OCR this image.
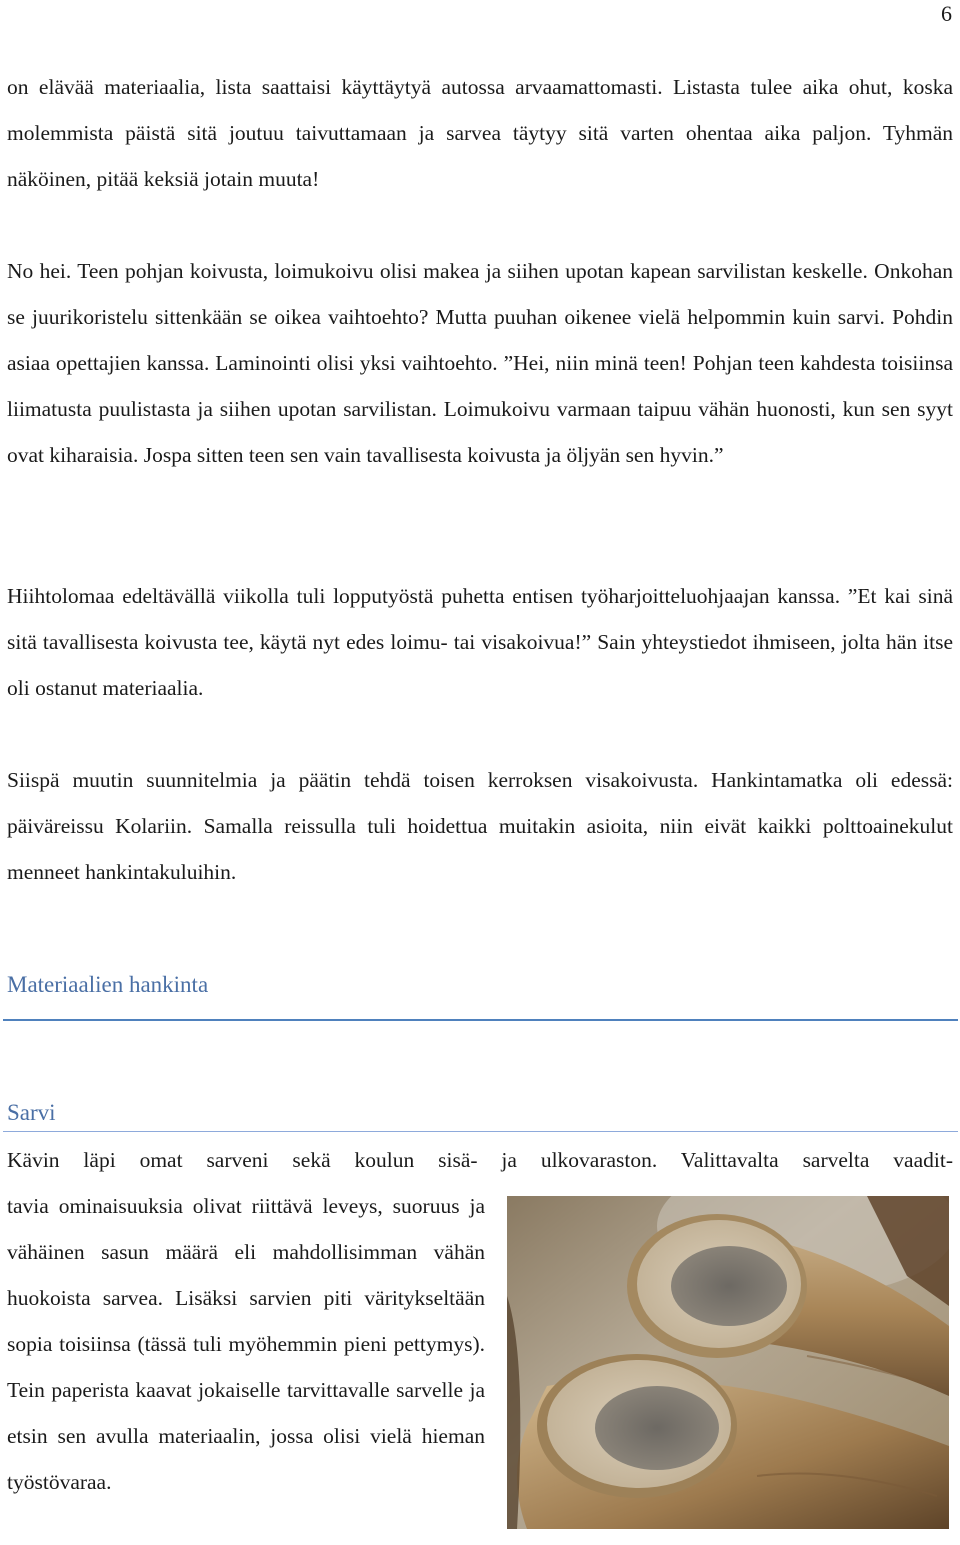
6

on elävää materiaalia, lista saattaisi käyttäytyä autossa arvaamattomasti. Listasta tulee aika ohut, koska molemmista päistä sitä joutuu taivuttamaan ja sarvea täytyy sitä varten ohentaa aika paljon. Tyhmän näköinen, pitää keksiä jotain muuta!

No hei. Teen pohjan koivusta, loimukoivu olisi makea ja siihen upotan kapean sarvilistan keskelle. Onkohan se juurikoristelu sittenkään se oikea vaihtoehto? Mutta puuhan oikenee vielä helpommin kuin sarvi. Pohdin asiaa opettajien kanssa. Laminointi olisi yksi vaihtoehto. ”Hei, niin minä teen! Pohjan teen kahdesta toisiinsa liimatusta puulistasta ja siihen upotan sarvilistan. Loimukoivu varmaan taipuu vähän huonosti, kun sen syyt ovat kiharaisia. Jospa sitten teen sen vain tavallisesta koivusta ja öljyän sen hyvin.”

Hiihtolomaa edeltävällä viikolla tuli lopputyöstä puhetta entisen työharjoitteluohjaajan kanssa. ”Et kai sinä sitä tavallisesta koivusta tee, käytä nyt edes loimu- tai visakoivua!” Sain yhteystiedot ihmiseen, jolta hän itse oli ostanut materiaalia.

Siispä muutin suunnitelmia ja päätin tehdä toisen kerroksen visakoivusta. Hankintamatka oli edessä: päiväreissu Kolariin. Samalla reissulla tuli hoidettua muitakin asioita, niin eivät kaikki polttoainekulut menneet hankintakuluihin.

Materiaalien hankinta
Sarvi

Kävin läpi omat sarveni sekä koulun sisä- ja ulkovaraston. Valittavalta sarvelta vaadit-

tavia ominaisuuksia olivat riittävä leveys, suoruus ja vähäinen sasun määrä eli mahdollisimman vähän huokoista sarvea. Lisäksi sarvien piti väritykseltään sopia toisiinsa (tässä tuli myöhemmin pieni pettymys). Tein paperista kaavat jokaiselle tarvittavalle sarvelle ja etsin sen avulla materiaalin, jossa olisi vielä hieman työstövaraa.
